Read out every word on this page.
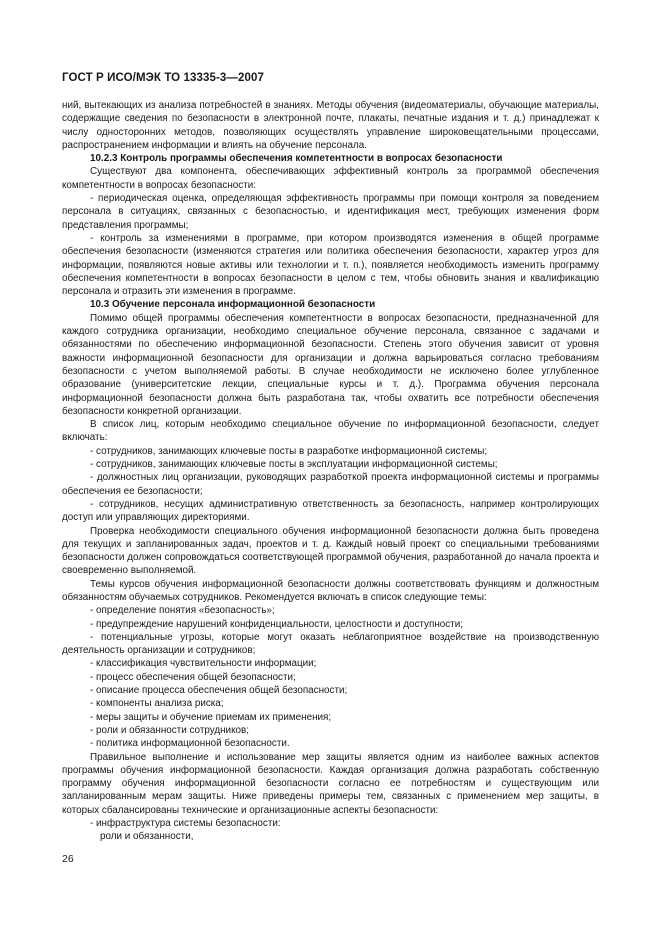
ГОСТ Р ИСО/МЭК ТО 13335-3—2007

ний, вытекающих из анализа потребностей в знаниях. Методы обучения (видеоматериалы, обучающие материалы, содержащие сведения по безопасности в электронной почте, плакаты, печатные издания и т. д.) принадлежат к числу односторонних методов, позволяющих осуществлять управление широковещательными процессами, распространением информации и влиять на обучение персонала.

10.2.3 Контроль программы обеспечения компетентности в вопросах безопасности

Существуют два компонента, обеспечивающих эффективный контроль за программой обеспечения компетентности в вопросах безопасности:

- периодическая оценка, определяющая эффективность программы при помощи контроля за поведением персонала в ситуациях, связанных с безопасностью, и идентификация мест, требующих изменения форм представления программы;

- контроль за изменениями в программе, при котором производятся изменения в общей программе обеспечения безопасности (изменяются стратегия или политика обеспечения безопасности, характер угроз для информации, появляются новые активы или технологии и т. п.), появляется необходимость изменить программу обеспечения компетентности в вопросах безопасности в целом с тем, чтобы обновить знания и квалификацию персонала и отразить эти изменения в программе.

10.3 Обучение персонала информационной безопасности

Помимо общей программы обеспечения компетентности в вопросах безопасности, предназначенной для каждого сотрудника организации, необходимо специальное обучение персонала, связанное с задачами и обязанностями по обеспечению информационной безопасности. Степень этого обучения зависит от уровня важности информационной безопасности для организации и должна варьироваться согласно требованиям безопасности с учетом выполняемой работы. В случае необходимости не исключено более углубленное образование (университетские лекции, специальные курсы и т. д.). Программа обучения персонала информационной безопасности должна быть разработана так, чтобы охватить все потребности обеспечения безопасности конкретной организации.

В список лиц, которым необходимо специальное обучение по информационной безопасности, следует включать:

- сотрудников, занимающих ключевые посты в разработке информационной системы;

- сотрудников, занимающих ключевые посты в эксплуатации информационной системы;

- должностных лиц организации, руководящих разработкой проекта информационной системы и программы обеспечения ее безопасности;

- сотрудников, несущих административную ответственность за безопасность, например контролирующих доступ или управляющих директориями.

Проверка необходимости специального обучения информационной безопасности должна быть проведена для текущих и запланированных задач, проектов и т. д. Каждый новый проект со специальными требованиями безопасности должен сопровождаться соответствующей программой обучения, разработанной до начала проекта и своевременно выполняемой.

Темы курсов обучения информационной безопасности должны соответствовать функциям и должностным обязанностям обучаемых сотрудников. Рекомендуется включать в список следующие темы:

- определение понятия «безопасность»;

- предупреждение нарушений конфиденциальности, целостности и доступности;

- потенциальные угрозы, которые могут оказать неблагоприятное воздействие на производственную деятельность организации и сотрудников;

- классификация чувствительности информации;

- процесс обеспечения общей безопасности;

- описание процесса обеспечения общей безопасности;

- компоненты анализа риска;

- меры защиты и обучение приемам их применения;

- роли и обязанности сотрудников;

- политика информационной безопасности.

Правильное выполнение и использование мер защиты является одним из наиболее важных аспектов программы обучения информационной безопасности. Каждая организация должна разработать собственную программу обучения информационной безопасности согласно ее потребностям и существующим или запланированным мерам защиты. Ниже приведены примеры тем, связанных с применением мер защиты, в которых сбалансированы технические и организационные аспекты безопасности:

- инфраструктура системы безопасности:

роли и обязанности,

26
